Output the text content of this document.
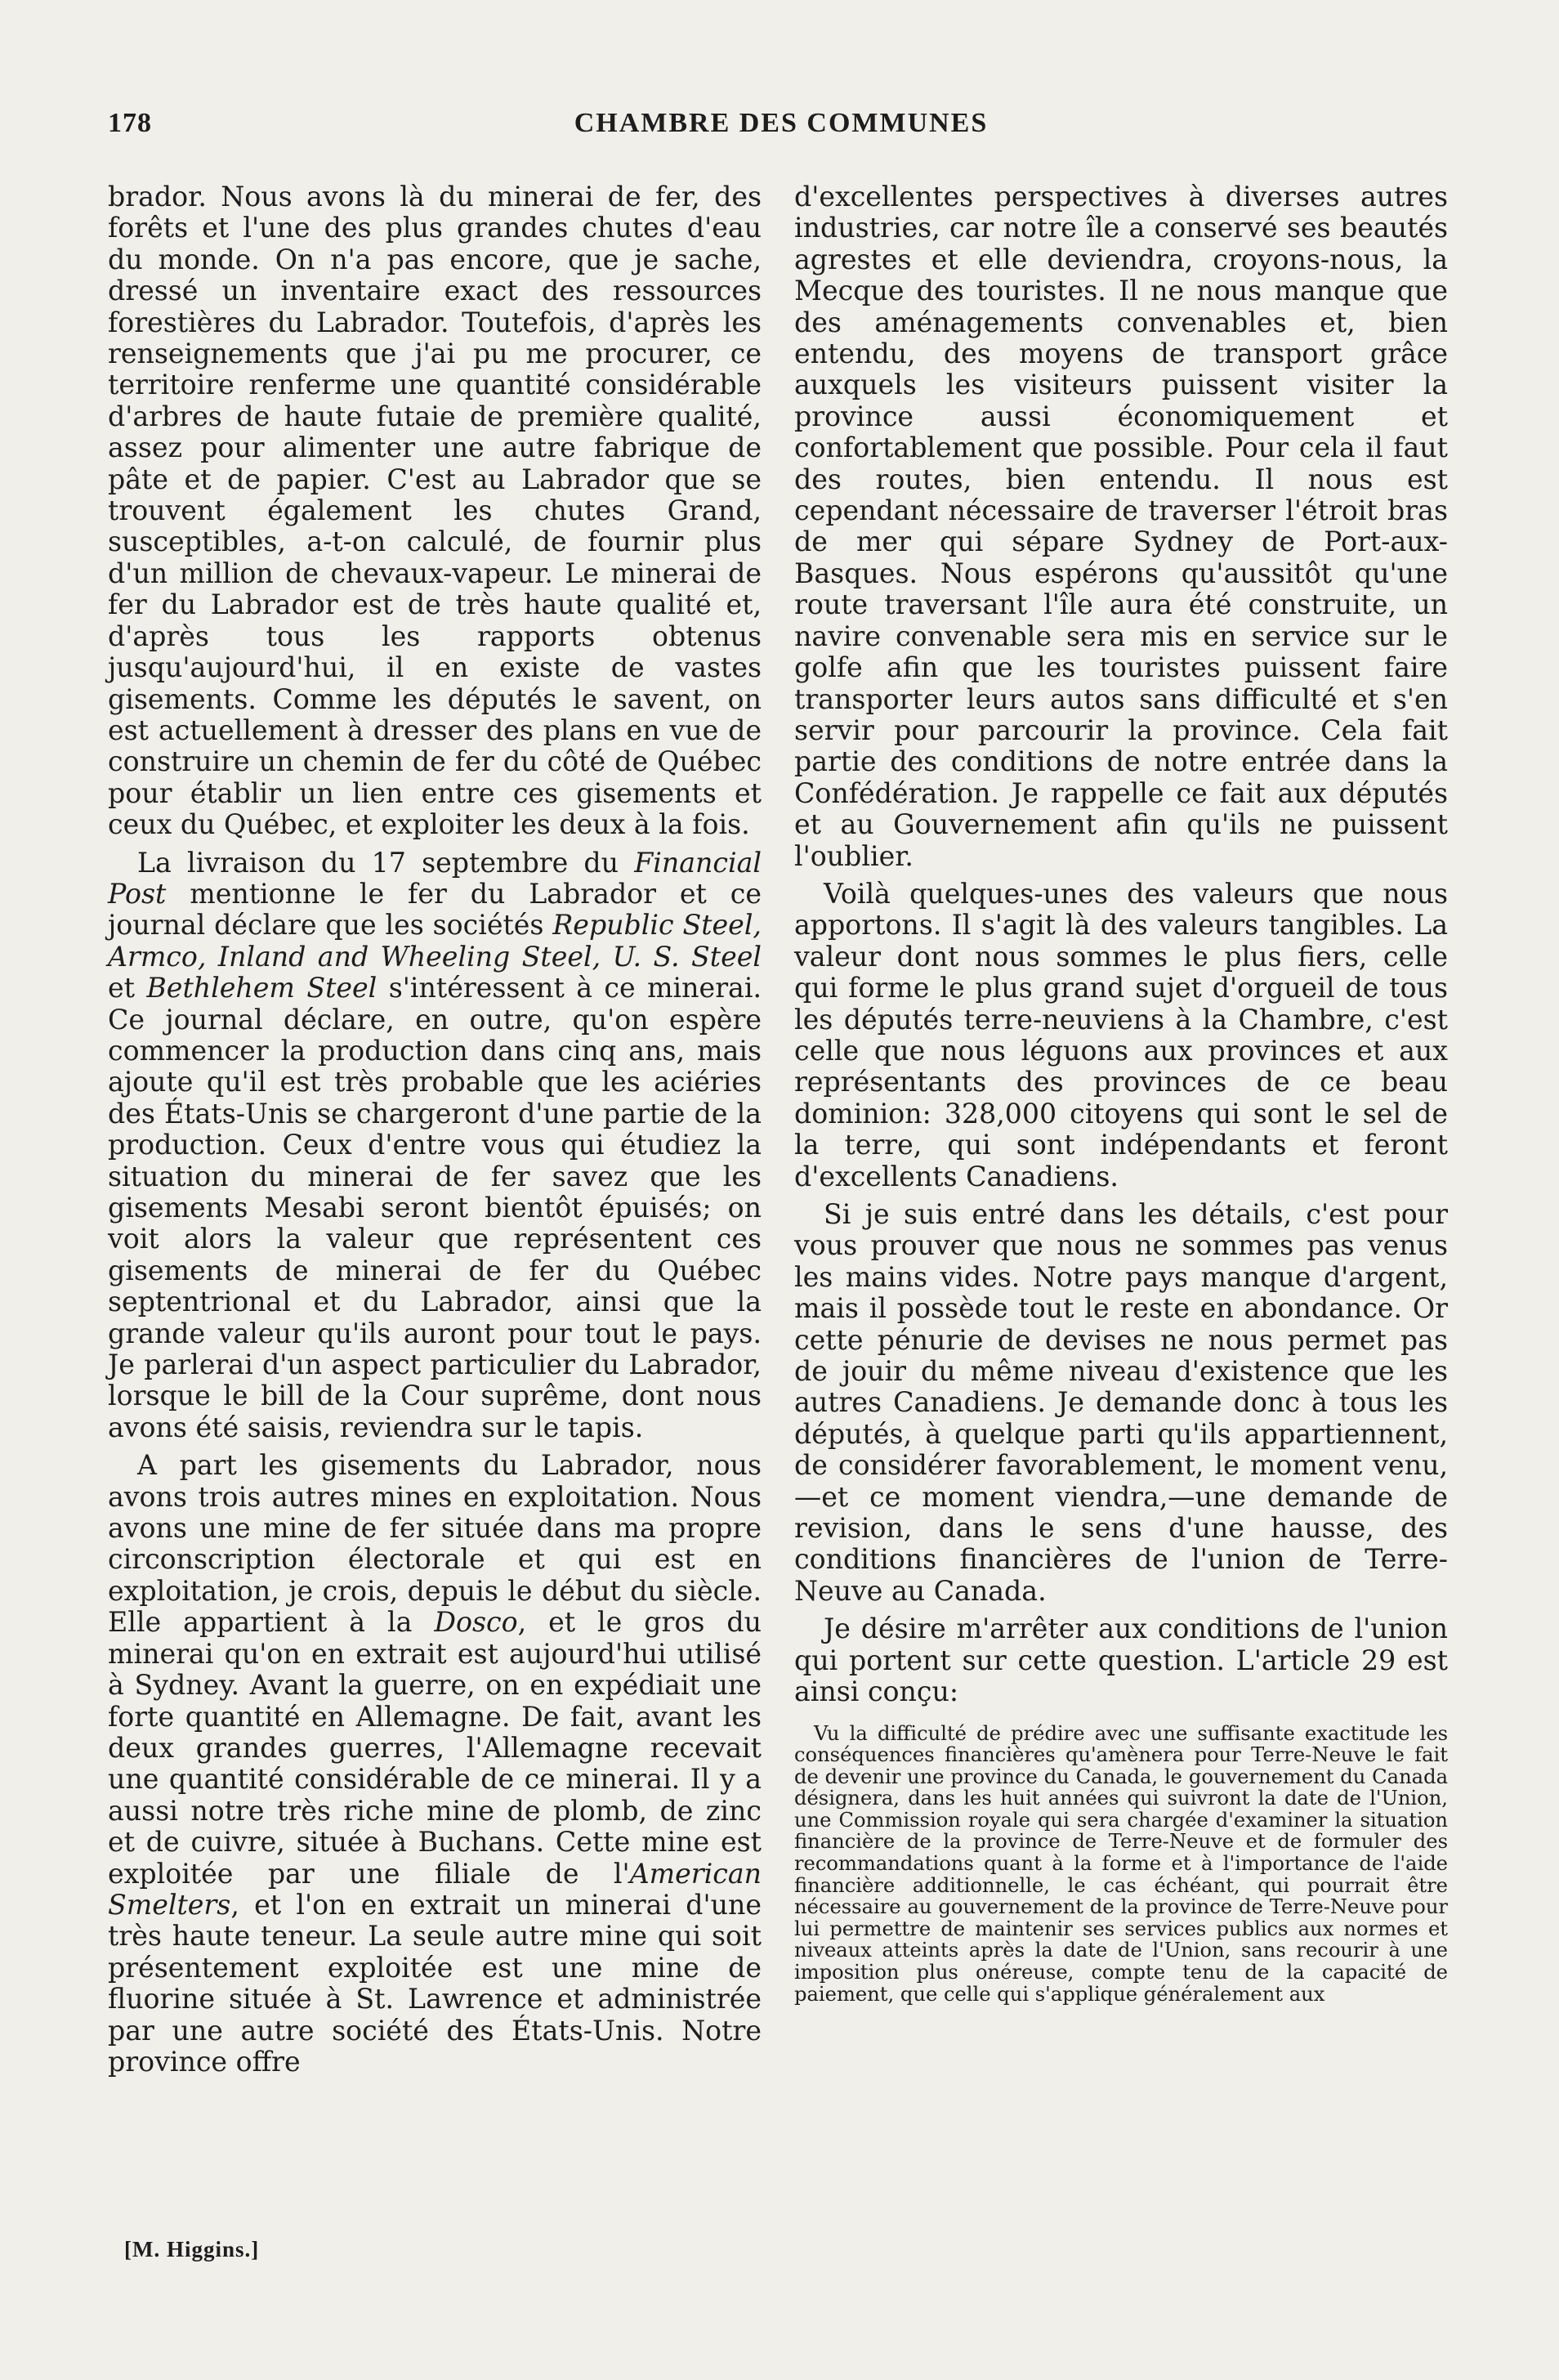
178	CHAMBRE DES COMMUNES

brador. Nous avons là du minerai de fer, des forêts et l'une des plus grandes chutes d'eau du monde. On n'a pas encore, que je sache, dressé un inventaire exact des ressources forestières du Labrador. Toutefois, d'après les renseignements que j'ai pu me procurer, ce territoire renferme une quantité considérable d'arbres de haute futaie de première qualité, assez pour alimenter une autre fabrique de pâte et de papier. C'est au Labrador que se trouvent également les chutes Grand, susceptibles, a-t-on calculé, de fournir plus d'un million de chevaux-vapeur. Le minerai de fer du Labrador est de très haute qualité et, d'après tous les rapports obtenus jusqu'aujourd'hui, il en existe de vastes gisements. Comme les députés le savent, on est actuellement à dresser des plans en vue de construire un chemin de fer du côté de Québec pour établir un lien entre ces gisements et ceux du Québec, et exploiter les deux à la fois.

La livraison du 17 septembre du Financial Post mentionne le fer du Labrador et ce journal déclare que les sociétés Republic Steel, Armco, Inland and Wheeling Steel, U. S. Steel et Bethlehem Steel s'intéressent à ce minerai. Ce journal déclare, en outre, qu'on espère commencer la production dans cinq ans, mais ajoute qu'il est très probable que les aciéries des États-Unis se chargeront d'une partie de la production. Ceux d'entre vous qui étudiez la situation du minerai de fer savez que les gisements Mesabi seront bientôt épuisés; on voit alors la valeur que représentent ces gisements de minerai de fer du Québec septentrional et du Labrador, ainsi que la grande valeur qu'ils auront pour tout le pays. Je parlerai d'un aspect particulier du Labrador, lorsque le bill de la Cour suprême, dont nous avons été saisis, reviendra sur le tapis.

A part les gisements du Labrador, nous avons trois autres mines en exploitation. Nous avons une mine de fer située dans ma propre circonscription électorale et qui est en exploitation, je crois, depuis le début du siècle. Elle appartient à la Dosco, et le gros du minerai qu'on en extrait est aujourd'hui utilisé à Sydney. Avant la guerre, on en expédiait une forte quantité en Allemagne. De fait, avant les deux grandes guerres, l'Allemagne recevait une quantité considérable de ce minerai. Il y a aussi notre très riche mine de plomb, de zinc et de cuivre, située à Buchans. Cette mine est exploitée par une filiale de l'American Smelters, et l'on en extrait un minerai d'une très haute teneur. La seule autre mine qui soit présentement exploitée est une mine de fluorine située à St. Lawrence et administrée par une autre société des États-Unis. Notre province offre

d'excellentes perspectives à diverses autres industries, car notre île a conservé ses beautés agrestes et elle deviendra, croyons-nous, la Mecque des touristes. Il ne nous manque que des aménagements convenables et, bien entendu, des moyens de transport grâce auxquels les visiteurs puissent visiter la province aussi économiquement et confortablement que possible. Pour cela il faut des routes, bien entendu. Il nous est cependant nécessaire de traverser l'étroit bras de mer qui sépare Sydney de Port-aux-Basques. Nous espérons qu'aussitôt qu'une route traversant l'île aura été construite, un navire convenable sera mis en service sur le golfe afin que les touristes puissent faire transporter leurs autos sans difficulté et s'en servir pour parcourir la province. Cela fait partie des conditions de notre entrée dans la Confédération. Je rappelle ce fait aux députés et au Gouvernement afin qu'ils ne puissent l'oublier.

Voilà quelques-unes des valeurs que nous apportons. Il s'agit là des valeurs tangibles. La valeur dont nous sommes le plus fiers, celle qui forme le plus grand sujet d'orgueil de tous les députés terre-neuviens à la Chambre, c'est celle que nous léguons aux provinces et aux représentants des provinces de ce beau dominion: 328,000 citoyens qui sont le sel de la terre, qui sont indépendants et feront d'excellents Canadiens.

Si je suis entré dans les détails, c'est pour vous prouver que nous ne sommes pas venus les mains vides. Notre pays manque d'argent, mais il possède tout le reste en abondance. Or cette pénurie de devises ne nous permet pas de jouir du même niveau d'existence que les autres Canadiens. Je demande donc à tous les députés, à quelque parti qu'ils appartiennent, de considérer favorablement, le moment venu,—et ce moment viendra,—une demande de revision, dans le sens d'une hausse, des conditions financières de l'union de Terre-Neuve au Canada.

Je désire m'arrêter aux conditions de l'union qui portent sur cette question. L'article 29 est ainsi conçu:

Vu la difficulté de prédire avec une suffisante exactitude les conséquences financières qu'amènera pour Terre-Neuve le fait de devenir une province du Canada, le gouvernement du Canada désignera, dans les huit années qui suivront la date de l'Union, une Commission royale qui sera chargée d'examiner la situation financière de la province de Terre-Neuve et de formuler des recommandations quant à la forme et à l'importance de l'aide financière additionnelle, le cas échéant, qui pourrait être nécessaire au gouvernement de la province de Terre-Neuve pour lui permettre de maintenir ses services publics aux normes et niveaux atteints après la date de l'Union, sans recourir à une imposition plus onéreuse, compte tenu de la capacité de paiement, que celle qui s'applique généralement aux

[M. Higgins.]
